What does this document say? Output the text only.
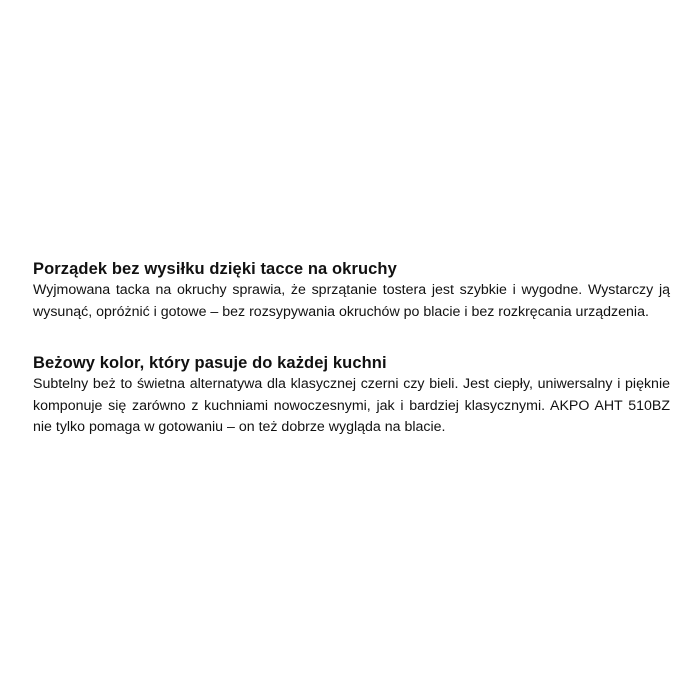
Porządek bez wysiłku dzięki tacce na okruchy

Wyjmowana tacka na okruchy sprawia, że sprzątanie tostera jest szybkie i wygodne. Wystarczy ją wysunąć, opróżnić i gotowe – bez rozsypywania okruchów po blacie i bez rozkręcania urządzenia.

Beżowy kolor, który pasuje do każdej kuchni

Subtelny beż to świetna alternatywa dla klasycznej czerni czy bieli. Jest ciepły, uniwersalny i pięknie komponuje się zarówno z kuchniami nowoczesnymi, jak i bardziej klasycznymi. AKPO AHT 510BZ nie tylko pomaga w gotowaniu – on też dobrze wygląda na blacie.
